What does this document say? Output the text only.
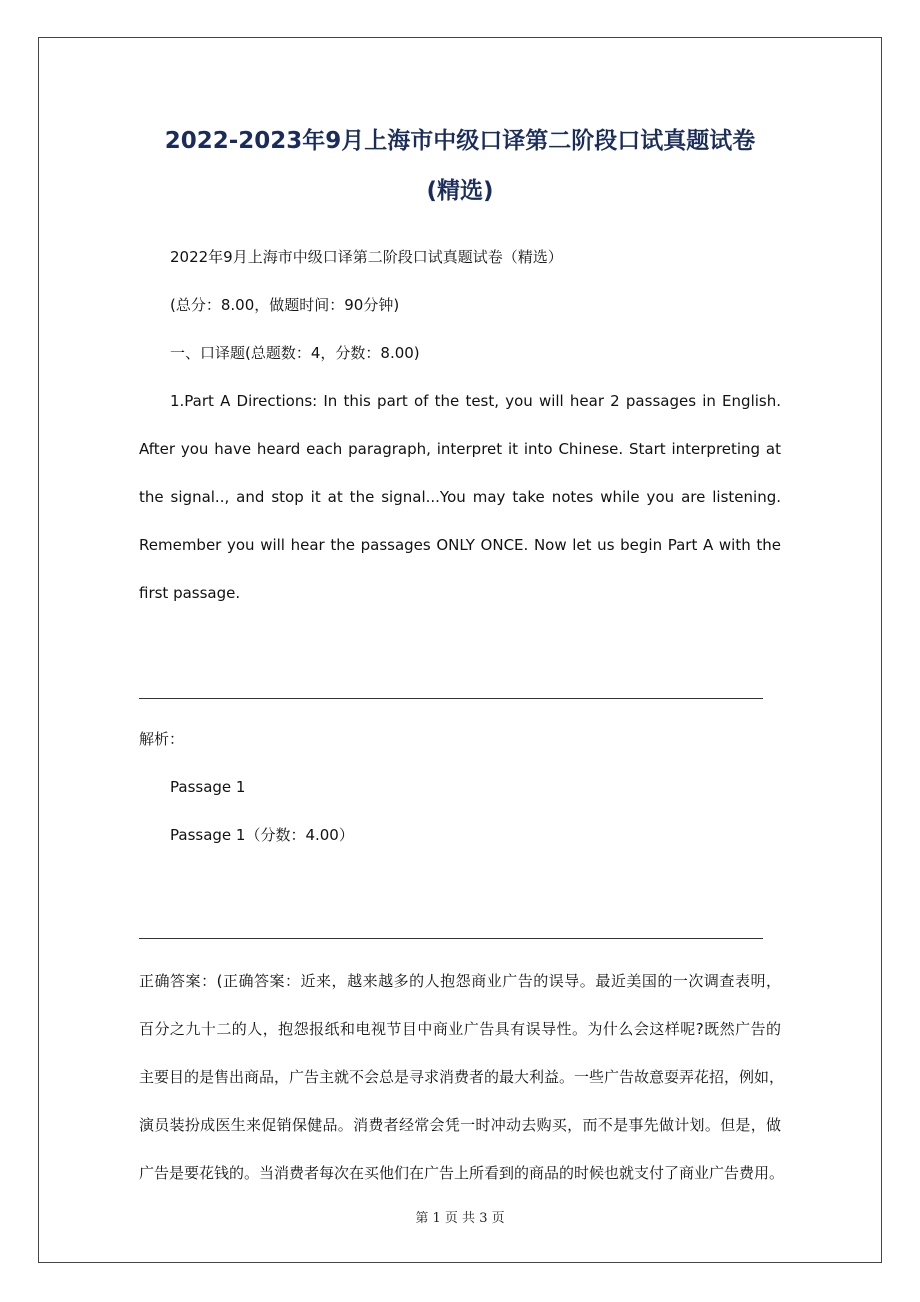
2022-2023年9月上海市中级口译第二阶段口试真题试卷
(精选)

2022年9月上海市中级口译第二阶段口试真题试卷（精选）

(总分：8.00，做题时间：90分钟)

一、口译题(总题数：4，分数：8.00)

1.Part A Directions: In this part of the test, you will hear 2 passages in English.

After you have heard each paragraph, interpret it into Chinese. Start interpreting at

the signal.., and stop it at the signal...You may take notes while you are listening.

Remember you will hear the passages ONLY ONCE. Now let us begin Part A with the

first passage.

解析：

Passage 1

Passage 1（分数：4.00）

正确答案：(正确答案：近来，越来越多的人抱怨商业广告的误导。最近美国的一次调查表明，

百分之九十二的人，抱怨报纸和电视节目中商业广告具有误导性。为什么会这样呢?既然广告的

主要目的是售出商品，广告主就不会总是寻求消费者的最大利益。一些广告故意耍弄花招，例如，

演员装扮成医生来促销保健品。消费者经常会凭一时冲动去购买，而不是事先做计划。但是，做

广告是要花钱的。当消费者每次在买他们在广告上所看到的商品的时候也就支付了商业广告费用。

第 1 页 共 3 页
